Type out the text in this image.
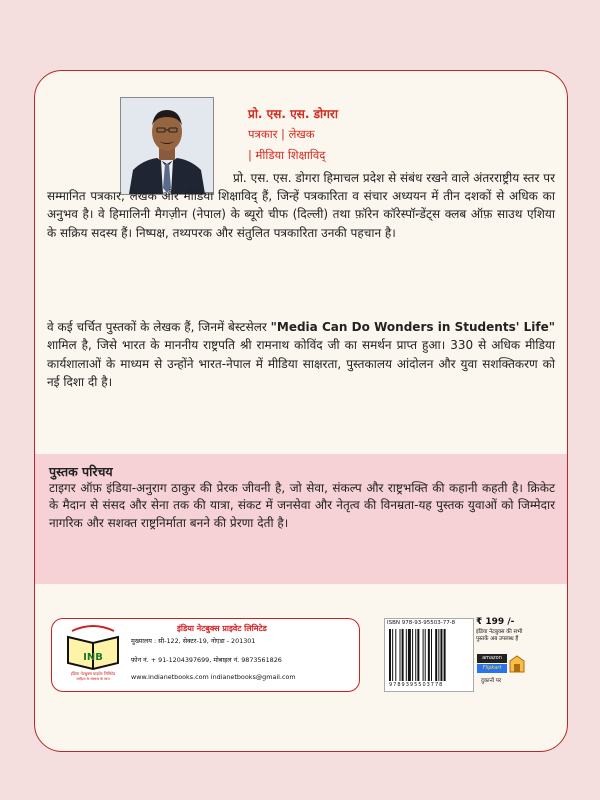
प्रो. एस. एस. डोगरा
पत्रकार | लेखक
| मीडिया शिक्षाविद्
प्रो. एस. एस. डोगरा हिमाचल प्रदेश से संबंध रखने वाले अंतरराष्ट्रीय स्तर पर सम्मानित पत्रकार, लेखक और मीडिया शिक्षाविद् हैं, जिन्हें पत्रकारिता व संचार अध्ययन में तीन दशकों से अधिक का अनुभव है। वे हिमालिनी मैगज़ीन (नेपाल) के ब्यूरो चीफ (दिल्ली) तथा फ़ॉरेन कॉरेस्पॉन्डेंट्स क्लब ऑफ़ साउथ एशिया के सक्रिय सदस्य हैं। निष्पक्ष, तथ्यपरक और संतुलित पत्रकारिता उनकी पहचान है।
वे कई चर्चित पुस्तकों के लेखक हैं, जिनमें बेस्टसेलर "Media Can Do Wonders in Students' Life" शामिल है, जिसे भारत के माननीय राष्ट्रपति श्री रामनाथ कोविंद जी का समर्थन प्राप्त हुआ। 330 से अधिक मीडिया कार्यशालाओं के माध्यम से उन्होंने भारत-नेपाल में मीडिया साक्षरता, पुस्तकालय आंदोलन और युवा सशक्तिकरण को नई दिशा दी है।
पुस्तक परिचय
टाइगर ऑफ़ इंडिया-अनुराग ठाकुर की प्रेरक जीवनी है, जो सेवा, संकल्प और राष्ट्रभक्ति की कहानी कहती है। क्रिकेट के मैदान से संसद और सेना तक की यात्रा, संकट में जनसेवा और नेतृत्व की विनम्रता-यह पुस्तक युवाओं को जिम्मेदार नागरिक और सशक्त राष्ट्रनिर्माता बनने की प्रेरणा देती है।
INB
इंडिया नेटबुक्स प्राइवेट लिमिटेड
साहित्य के संस्कार के साथ
इंडिया नेटबुक्स प्राइवेट लिमिटेड
मुख्यालय : सी-122, सेक्टर-19, नोएडा - 201301
फ़ोन नं. + 91-1204397699, मोबाइल नं. 9873561826
www.indianetbooks.com indianetbooks@gmail.com
ISBN 978-93-95503-77-8
9789395503778
₹ 199 /-
इंडिया नेटबुक्स की सभी पुस्तकें अब उपलब्ध हैं
amazon
Flipkart
दुकानों पर
